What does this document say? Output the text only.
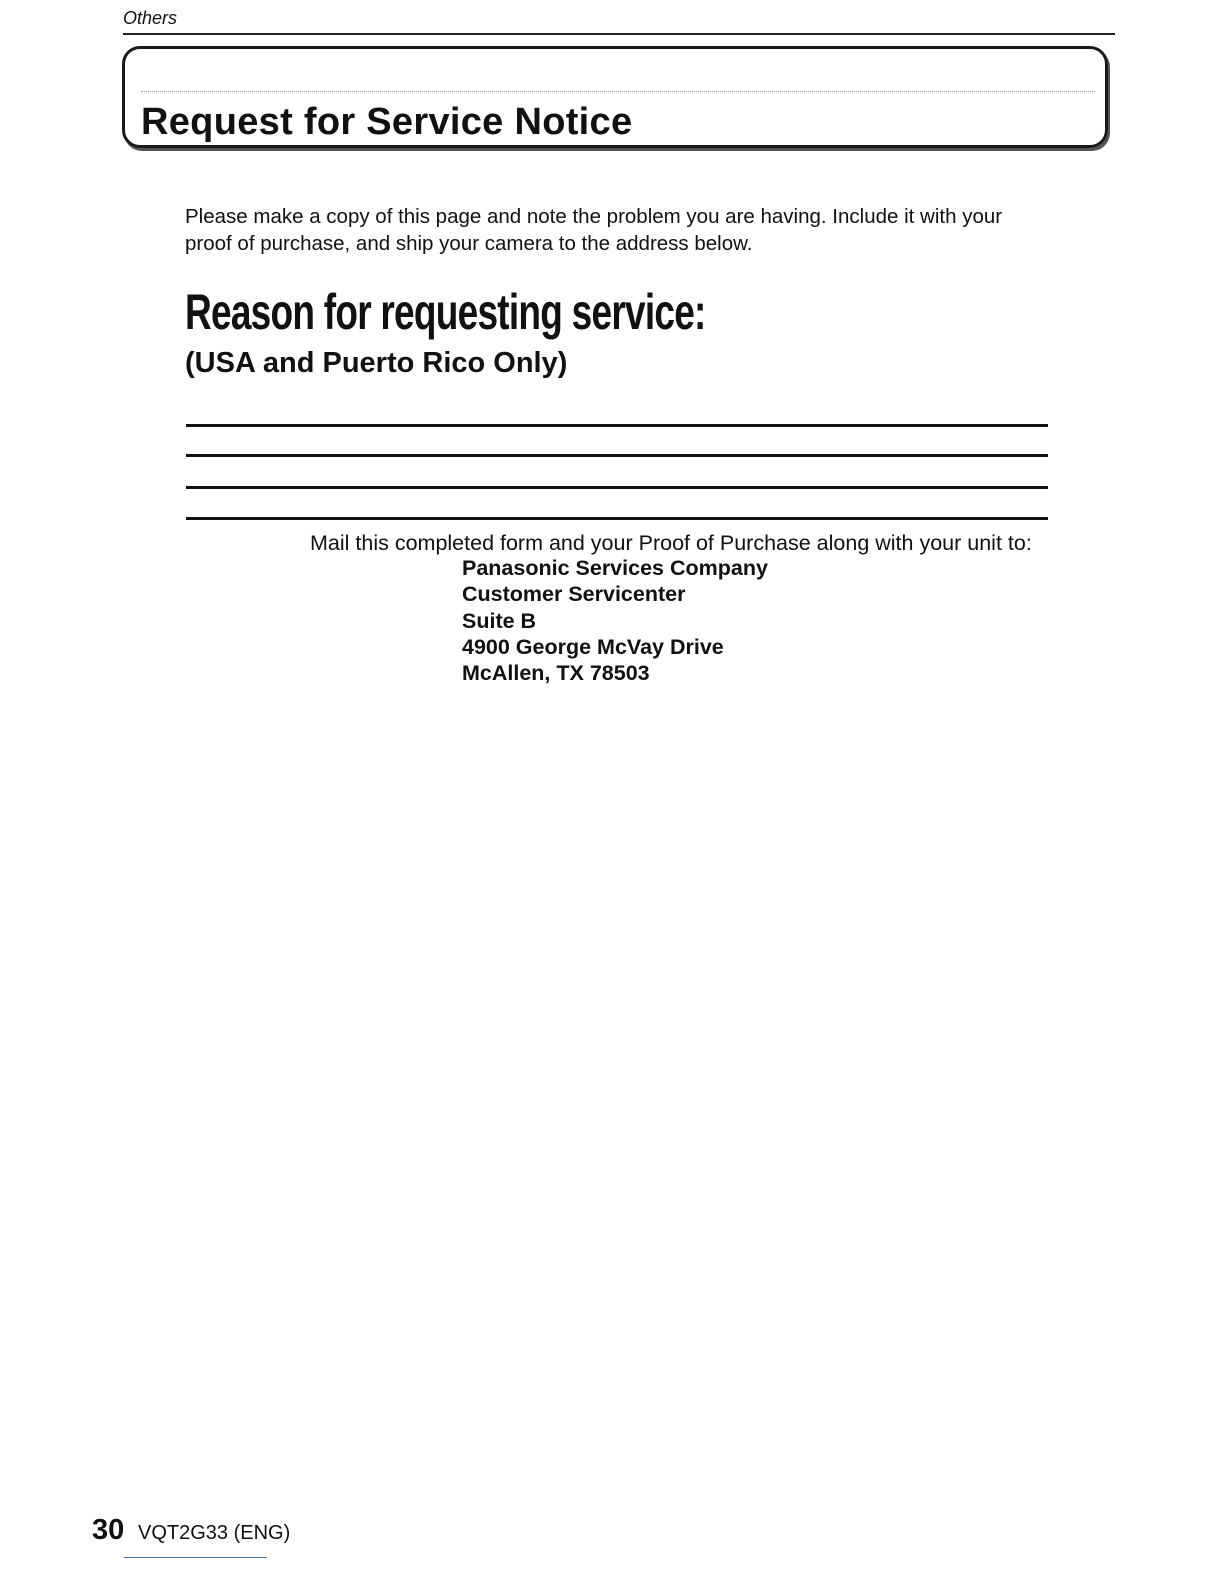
Others

Request for Service Notice

Please make a copy of this page and note the problem you are having. Include it with your proof of purchase, and ship your camera to the address below.

Reason for requesting service:

(USA and Puerto Rico Only)

Mail this completed form and your Proof of Purchase along with your unit to:

Panasonic Services Company
Customer Servicenter
Suite B
4900 George McVay Drive
McAllen, TX 78503
30 VQT2G33 (ENG)
